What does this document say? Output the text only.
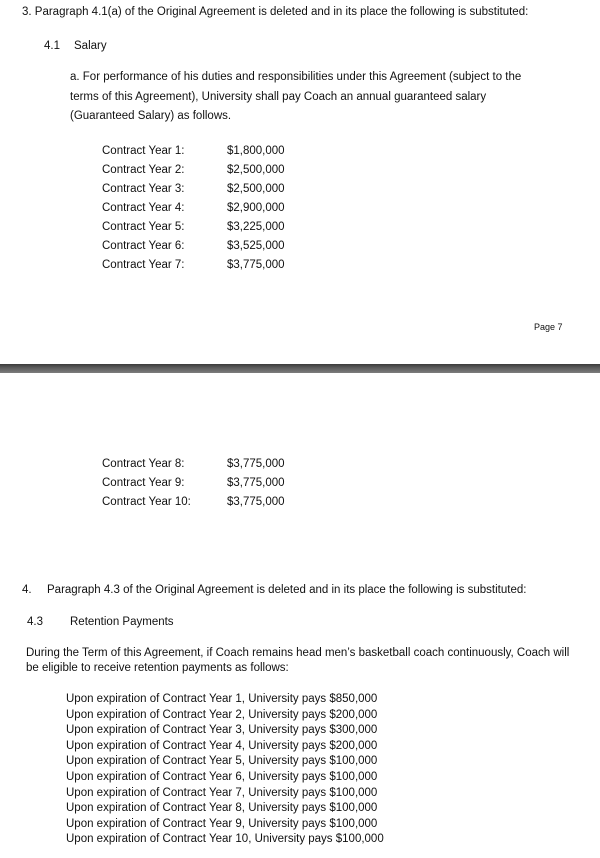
3. Paragraph 4.1(a) of the Original Agreement is deleted and in its place the following is substituted:
4.1 Salary
a. For performance of his duties and responsibilities under this Agreement (subject to the terms of this Agreement), University shall pay Coach an annual guaranteed salary (Guaranteed Salary) as follows.
Contract Year 1:	$1,800,000
Contract Year 2:	$2,500,000
Contract Year 3:	$2,500,000
Contract Year 4:	$2,900,000
Contract Year 5:	$3,225,000
Contract Year 6:	$3,525,000
Contract Year 7:	$3,775,000
Page 7
Contract Year 8:	$3,775,000
Contract Year 9:	$3,775,000
Contract Year 10:	$3,775,000
4. Paragraph 4.3 of the Original Agreement is deleted and in its place the following is substituted:
4.3 Retention Payments
During the Term of this Agreement, if Coach remains head men’s basketball coach continuously, Coach will be eligible to receive retention payments as follows:
Upon expiration of Contract Year 1, University pays $850,000
Upon expiration of Contract Year 2, University pays $200,000
Upon expiration of Contract Year 3, University pays $300,000
Upon expiration of Contract Year 4, University pays $200,000
Upon expiration of Contract Year 5, University pays $100,000
Upon expiration of Contract Year 6, University pays $100,000
Upon expiration of Contract Year 7, University pays $100,000
Upon expiration of Contract Year 8, University pays $100,000
Upon expiration of Contract Year 9, University pays $100,000
Upon expiration of Contract Year 10, University pays $100,000
